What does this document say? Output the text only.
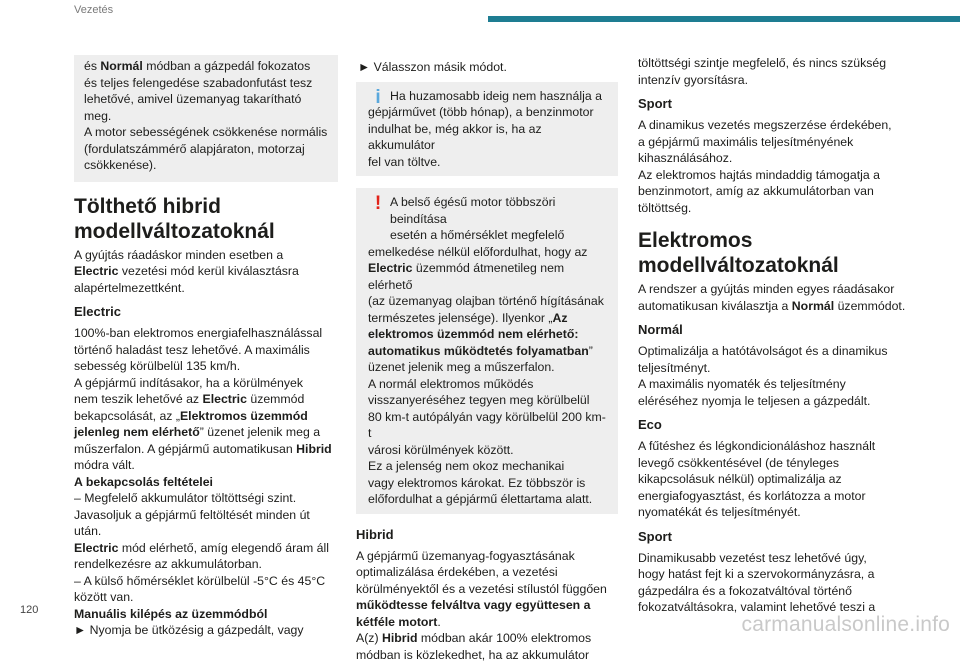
Vezetés
és Normál módban a gázpedál fokozatos
és teljes felengedése szabadonfutást tesz
lehetővé, amivel üzemanyag takarítható meg.
A motor sebességének csökkenése normális
(fordulatszámmérő alapjáraton, motorzaj
csökkenése).
Tölthető hibrid
modellváltozatoknál
A gyújtás ráadáskor minden esetben a
Electric vezetési mód kerül kiválasztásra
alapértelmezettként.
Electric
100%-ban elektromos energiafelhasználással
történő haladást tesz lehetővé. A maximális
sebesség körülbelül 135 km/h.
A gépjármű indításakor, ha a körülmények
nem teszik lehetővé az Electric üzemmód
bekapcsolását, az „Elektromos üzemmód
jelenleg nem elérhető” üzenet jelenik meg a
műszerfalon. A gépjármű automatikusan Hibrid
módra vált.
A bekapcsolás feltételei
– Megfelelő akkumulátor töltöttségi szint.
Javasoljuk a gépjármű feltöltését minden út után.
Electric mód elérhető, amíg elegendő áram áll
rendelkezésre az akkumulátorban.
– A külső hőmérséklet körülbelül -5°C és 45°C
között van.
Manuális kilépés az üzemmódból
► Nyomja be ütközésig a gázpedált, vagy
► Válasszon másik módot.
i Ha huzamosabb ideig nem használja a
gépjárművet (több hónap), a benzinmotor
indulhat be, még akkor is, ha az akkumulátor
fel van töltve.
! A belső égésű motor többszöri beindítása
esetén a hőmérséklet megfelelő
emelkedése nélkül előfordulhat, hogy az
Electric üzemmód átmenetileg nem elérhető
(az üzemanyag olajban történő hígításának
természetes jelensége). Ilyenkor „Az
elektromos üzemmód nem elérhető:
automatikus működtetés folyamatban”
üzenet jelenik meg a műszerfalon.
A normál elektromos működés
visszanyeréséhez tegyen meg körülbelül
80 km-t autópályán vagy körülbelül 200 km-t
városi körülmények között.
Ez a jelenség nem okoz mechanikai
vagy elektromos károkat. Ez többször is
előfordulhat a gépjármű élettartama alatt.
Hibrid
A gépjármű üzemanyag-fogyasztásának
optimalizálása érdekében, a vezetési
körülményektől és a vezetési stílustól függően
működtesse felváltva vagy együttesen a
kétféle motort.
A(z) Hibrid módban akár 100% elektromos
módban is közlekedhet, ha az akkumulátor
töltöttségi szintje megfelelő, és nincs szükség
intenzív gyorsításra.
Sport
A dinamikus vezetés megszerzése érdekében,
a gépjármű maximális teljesítményének
kihasználásához.
Az elektromos hajtás mindaddig támogatja a
benzinmotort, amíg az akkumulátorban van
töltöttség.
Elektromos
modellváltozatoknál
A rendszer a gyújtás minden egyes ráadásakor
automatikusan kiválasztja a Normál üzemmódot.
Normál
Optimalizálja a hatótávolságot és a dinamikus
teljesítményt.
A maximális nyomaték és teljesítmény
eléréséhez nyomja le teljesen a gázpedált.
Eco
A fűtéshez és légkondicionáláshoz használt
levegő csökkentésével (de tényleges
kikapcsolásuk nélkül) optimalizálja az
energiafogyasztást, és korlátozza a motor
nyomatékát és teljesítményét.
Sport
Dinamikusabb vezetést tesz lehetővé úgy,
hogy hatást fejt ki a szervokormányzásra, a
gázpedálra és a fokozatváltóval történő
fokozatváltásokra, valamint lehetővé teszi a
120
carmanualsonline.info
